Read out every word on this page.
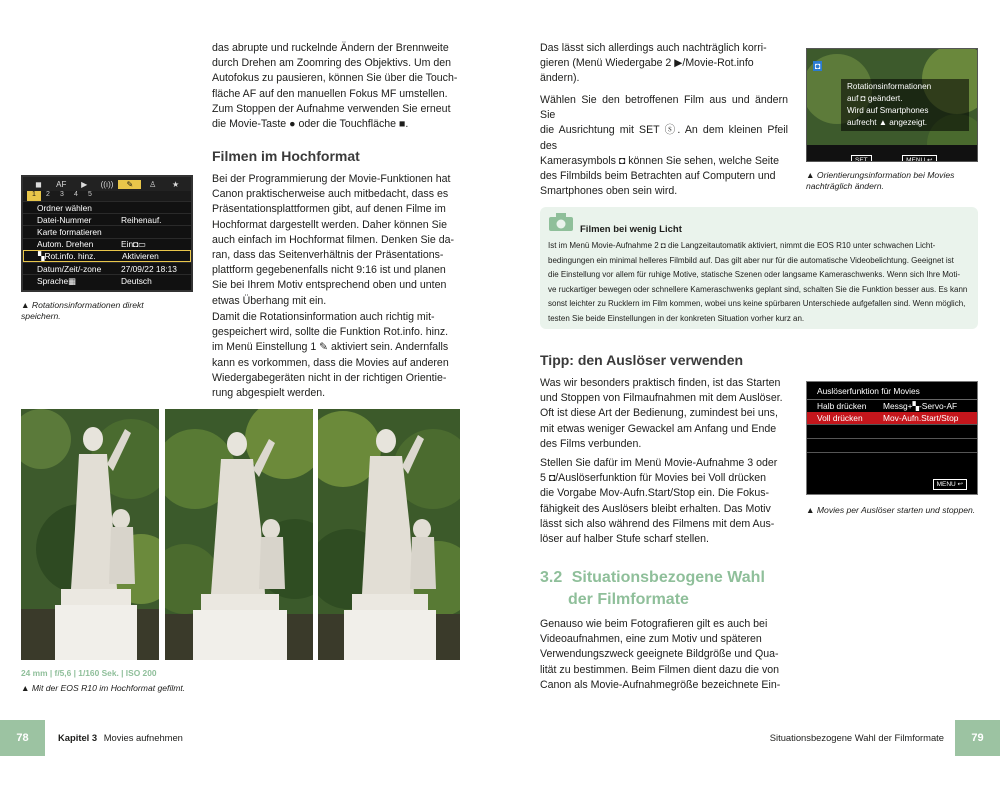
das abrupte und ruckelnde Ändern der Brennweite
durch Drehen am Zoomring des Objektivs. Um den
Autofokus zu pausieren, können Sie über die Touch-
fläche AF auf den manuellen Fokus MF umstellen.
Zum Stoppen der Aufnahme verwenden Sie erneut
die Movie-Taste ● oder die Touchfläche ■.
Filmen im Hochformat
Bei der Programmierung der Movie-Funktionen hat
Canon praktischerweise auch mitbedacht, dass es
Präsentationsplattformen gibt, auf denen Filme im
Hochformat dargestellt werden. Daher können Sie
auch einfach im Hochformat filmen. Denken Sie da-
ran, dass das Seitenverhältnis der Präsentations-
plattform gegebenenfalls nicht 9:16 ist und planen
Sie bei Ihrem Motiv entsprechend oben und unten
etwas Überhang mit ein.
Damit die Rotationsinformation auch richtig mit-
gespeichert wird, sollte die Funktion Rot.info. hinz.
im Menü Einstellung 1 ✎ aktiviert sein. Andernfalls
kann es vorkommen, dass die Movies auf anderen
Wiedergabegeräten nicht in der richtigen Orientie-
rung abgespielt werden.
◼	AF	▶	((ı))	✎	♙	★
1	2	3	4	5
Ordner wählen
Datei-Nummer	Reihenauf.
Karte formatieren
Autom. Drehen	Ein◘▭
▚Rot.info. hinz.	Aktivieren
Datum/Zeit/-zone	27/09/22 18:13
Sprache▦	Deutsch
▲ Rotationsinformationen direkt speichern.
24 mm | f/5,6 | 1/160 Sek. | ISO 200
▲ Mit der EOS R10 im Hochformat gefilmt.
78	Kapitel 3 Movies aufnehmen
Das lässt sich allerdings auch nachträglich korri-
gieren (Menü Wiedergabe 2 ▶/Movie-Rot.info
ändern).
Wählen Sie den betroffenen Film aus und ändern Sie
die Ausrichtung mit SET ⓢ. An dem kleinen Pfeil des
Kamerasymbols ◘ können Sie sehen, welche Seite
des Filmbilds beim Betrachten auf Computern und
Smartphones oben sein wird.
◘
Rotationsinformationen
auf ◘ geändert.
Wird auf Smartphones
aufrecht ▲ angezeigt.
SET	MENU ↩
▲ Orientierungsinformation bei Movies nachträglich ändern.
Filmen bei wenig Licht
Ist im Menü Movie-Aufnahme 2 ◘ die Langzeitautomatik aktiviert, nimmt die EOS R10 unter schwachen Licht-
bedingungen ein minimal helleres Filmbild auf. Das gilt aber nur für die automatische Videobelichtung. Geeignet ist
die Einstellung vor allem für ruhige Motive, statische Szenen oder langsame Kameraschwenks. Wenn sich Ihre Moti-
ve ruckartiger bewegen oder schnellere Kameraschwenks geplant sind, schalten Sie die Funktion besser aus. Es kann
sonst leichter zu Rucklern im Film kommen, wobei uns keine spürbaren Unterschiede aufgefallen sind. Wenn möglich,
testen Sie beide Einstellungen in der konkreten Situation vorher kurz an.
Tipp: den Auslöser verwenden
Was wir besonders praktisch finden, ist das Starten
und Stoppen von Filmaufnahmen mit dem Auslöser.
Oft ist diese Art der Bedienung, zumindest bei uns,
mit etwas weniger Gewackel am Anfang und Ende
des Films verbunden.
Stellen Sie dafür im Menü Movie-Aufnahme 3 oder
5 ◘/Auslöserfunktion für Movies bei Voll drücken
die Vorgabe Mov-Aufn.Start/Stop ein. Die Fokus-
fähigkeit des Auslösers bleibt erhalten. Das Motiv
lässt sich also während des Filmens mit dem Aus-
löser auf halber Stufe scharf stellen.
Auslöserfunktion für Movies
Halb drücken	Messg+▚-Servo-AF
Voll drücken	Mov-Aufn.Start/Stop
MENU ↩
▲ Movies per Auslöser starten und stoppen.
3.2 Situationsbezogene Wahl
der Filmformate
Genauso wie beim Fotografieren gilt es auch bei
Videoaufnahmen, eine zum Motiv und späteren
Verwendungszweck geeignete Bildgröße und Qua-
lität zu bestimmen. Beim Filmen dient dazu die von
Canon als Movie-Aufnahmegröße bezeichnete Ein-
Situationsbezogene Wahl der Filmformate	79
